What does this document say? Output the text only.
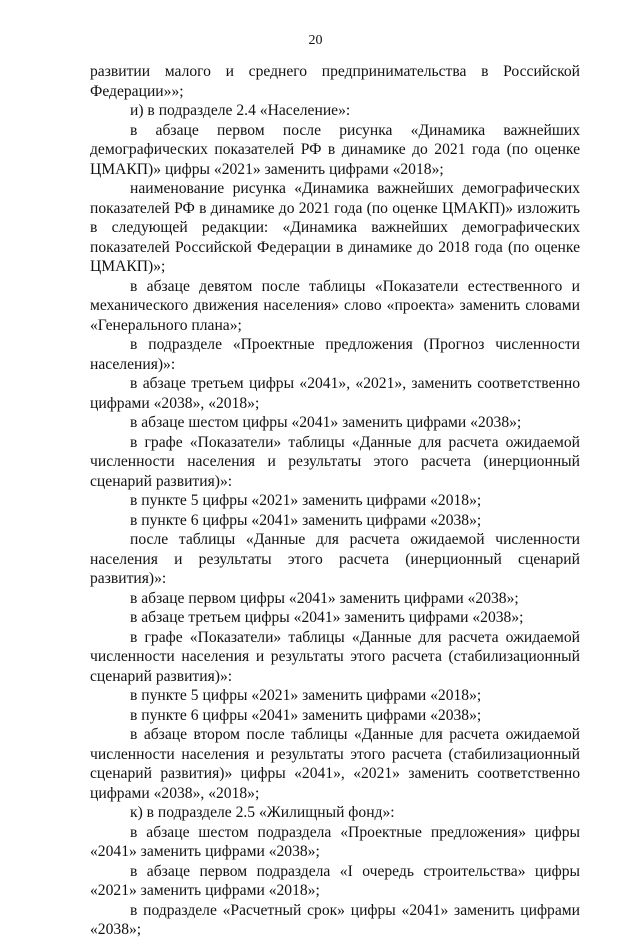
20

развитии малого и среднего предпринимательства в Российской Федерации»»;

и) в подразделе 2.4 «Население»:

в абзаце первом после рисунка «Динамика важнейших демографических показателей РФ в динамике до 2021 года (по оценке ЦМАКП)» цифры «2021» заменить цифрами «2018»;

наименование рисунка «Динамика важнейших демографических показателей РФ в динамике до 2021 года (по оценке ЦМАКП)» изложить в следующей редакции: «Динамика важнейших демографических показателей Российской Федерации в динамике до 2018 года (по оценке ЦМАКП)»;

в абзаце девятом после таблицы «Показатели естественного и механического движения населения» слово «проекта» заменить словами «Генерального плана»;

в подразделе «Проектные предложения (Прогноз численности населения)»:

в абзаце третьем цифры «2041», «2021», заменить соответственно цифрами «2038», «2018»;

в абзаце шестом цифры «2041» заменить цифрами «2038»;

в графе «Показатели» таблицы «Данные для расчета ожидаемой численности населения и результаты этого расчета (инерционный сценарий развития)»:

в пункте 5 цифры «2021» заменить цифрами «2018»;

в пункте 6 цифры «2041» заменить цифрами «2038»;

после таблицы «Данные для расчета ожидаемой численности населения и результаты этого расчета (инерционный сценарий развития)»:

в абзаце первом цифры «2041» заменить цифрами «2038»;

в абзаце третьем цифры «2041» заменить цифрами «2038»;

в графе «Показатели» таблицы «Данные для расчета ожидаемой численности населения и результаты этого расчета (стабилизационный сценарий развития)»:

в пункте 5 цифры «2021» заменить цифрами «2018»;

в пункте 6 цифры «2041» заменить цифрами «2038»;

в абзаце втором после таблицы «Данные для расчета ожидаемой численности населения и результаты этого расчета (стабилизационный сценарий развития)» цифры «2041», «2021» заменить соответственно цифрами «2038», «2018»;

к) в подразделе 2.5 «Жилищный фонд»:

в абзаце шестом подраздела «Проектные предложения» цифры «2041» заменить цифрами «2038»;

в абзаце первом подраздела «I очередь строительства» цифры «2021» заменить цифрами «2018»;

в подразделе «Расчетный срок» цифры «2041» заменить цифрами «2038»;
